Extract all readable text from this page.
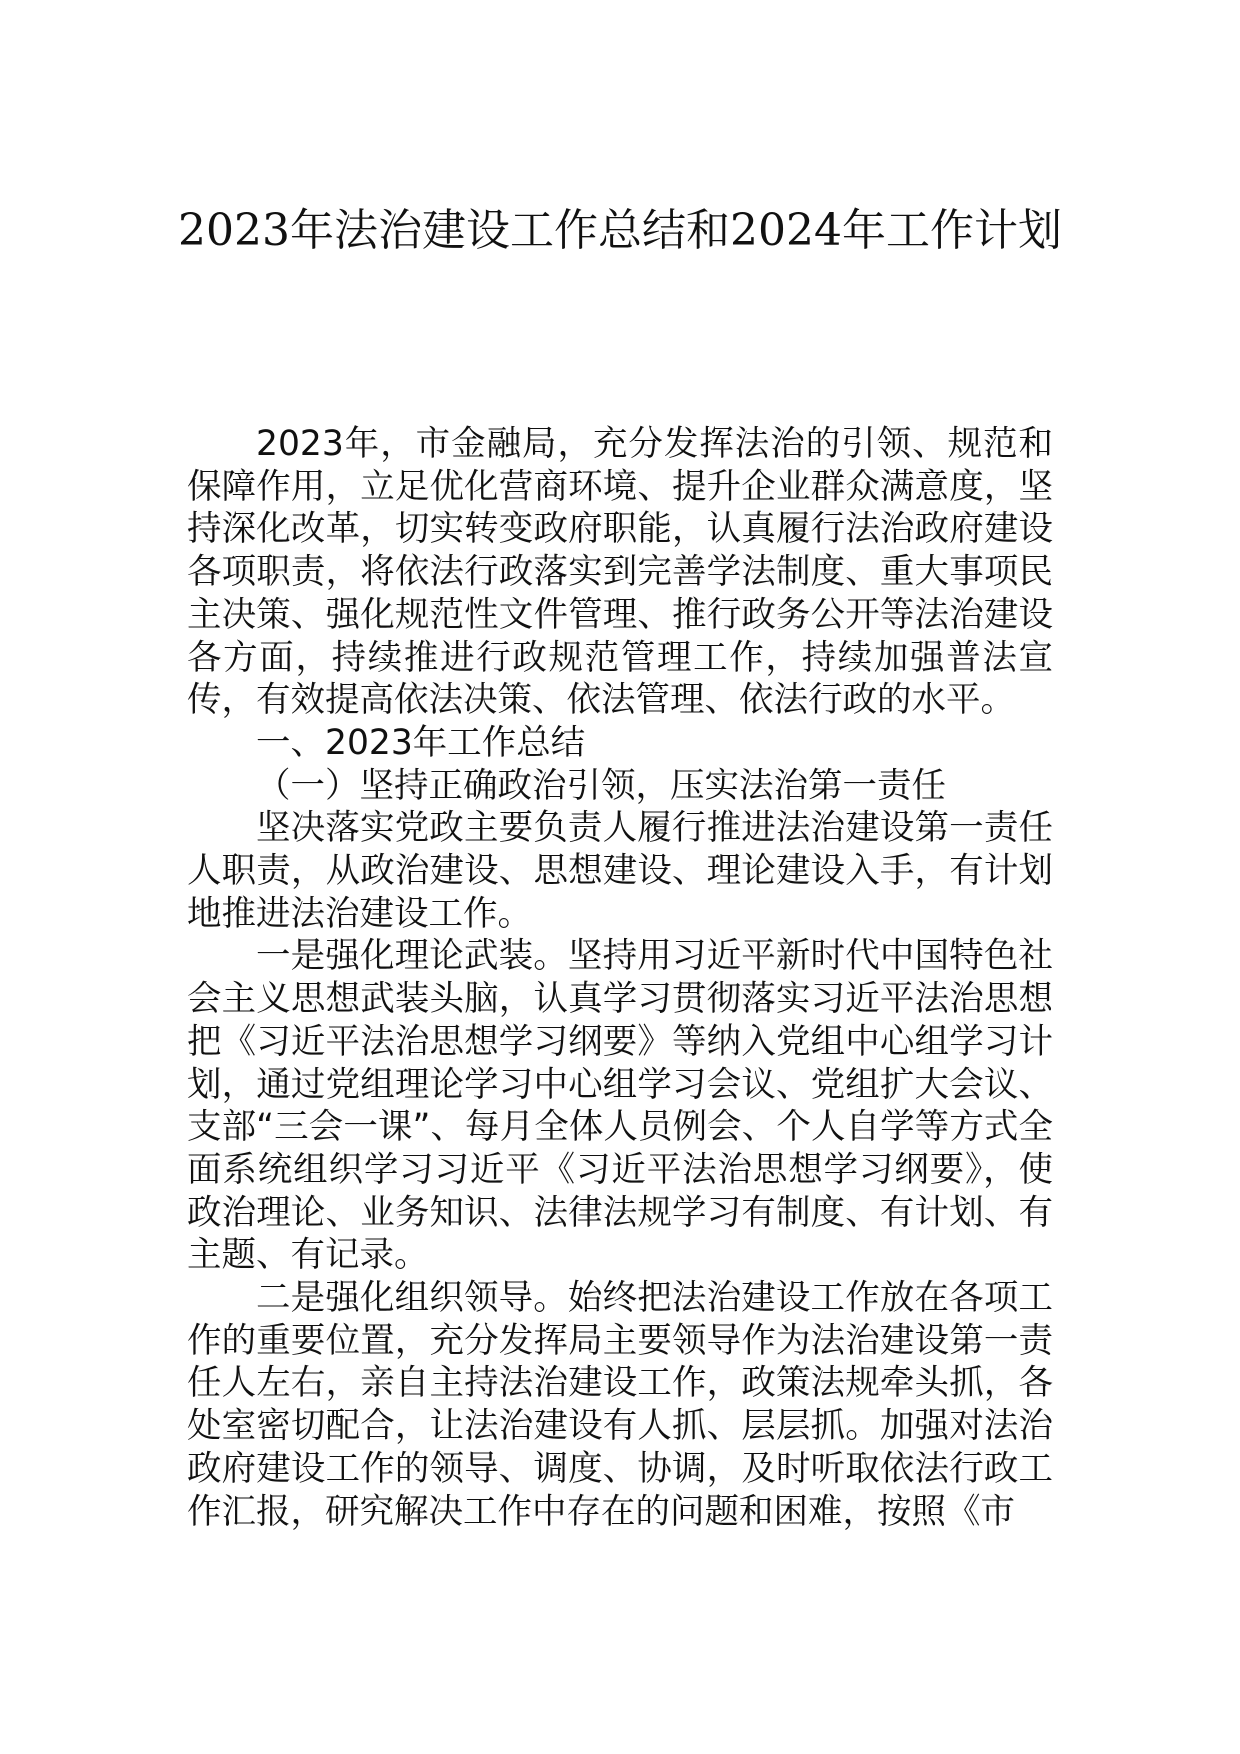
2023年法治建设工作总结和2024年工作计划

2023年，市金融局，充分发挥法治的引领、规范和保障作用，立足优化营商环境、提升企业群众满意度，坚持深化改革，切实转变政府职能，认真履行法治政府建设各项职责，将依法行政落实到完善学法制度、重大事项民主决策、强化规范性文件管理、推行政务公开等法治建设各方面，持续推进行政规范管理工作，持续加强普法宣传，有效提高依法决策、依法管理、依法行政的水平。

一、2023年工作总结

（一）坚持正确政治引领，压实法治第一责任

坚决落实党政主要负责人履行推进法治建设第一责任人职责，从政治建设、思想建设、理论建设入手，有计划地推进法治建设工作。

一是强化理论武装。坚持用习近平新时代中国特色社会主义思想武装头脑，认真学习贯彻落实习近平法治思想把《习近平法治思想学习纲要》等纳入党组中心组学习计划，通过党组理论学习中心组学习会议、党组扩大会议、支部“三会一课”、每月全体人员例会、个人自学等方式全面系统组织学习习近平《习近平法治思想学习纲要》，使政治理论、业务知识、法律法规学习有制度、有计划、有主题、有记录。

二是强化组织领导。始终把法治建设工作放在各项工作的重要位置，充分发挥局主要领导作为法治建设第一责任人左右，亲自主持法治建设工作，政策法规牵头抓，各处室密切配合，让法治建设有人抓、层层抓。加强对法治政府建设工作的领导、调度、协调，及时听取依法行政工作汇报，研究解决工作中存在的问题和困难，按照《市
